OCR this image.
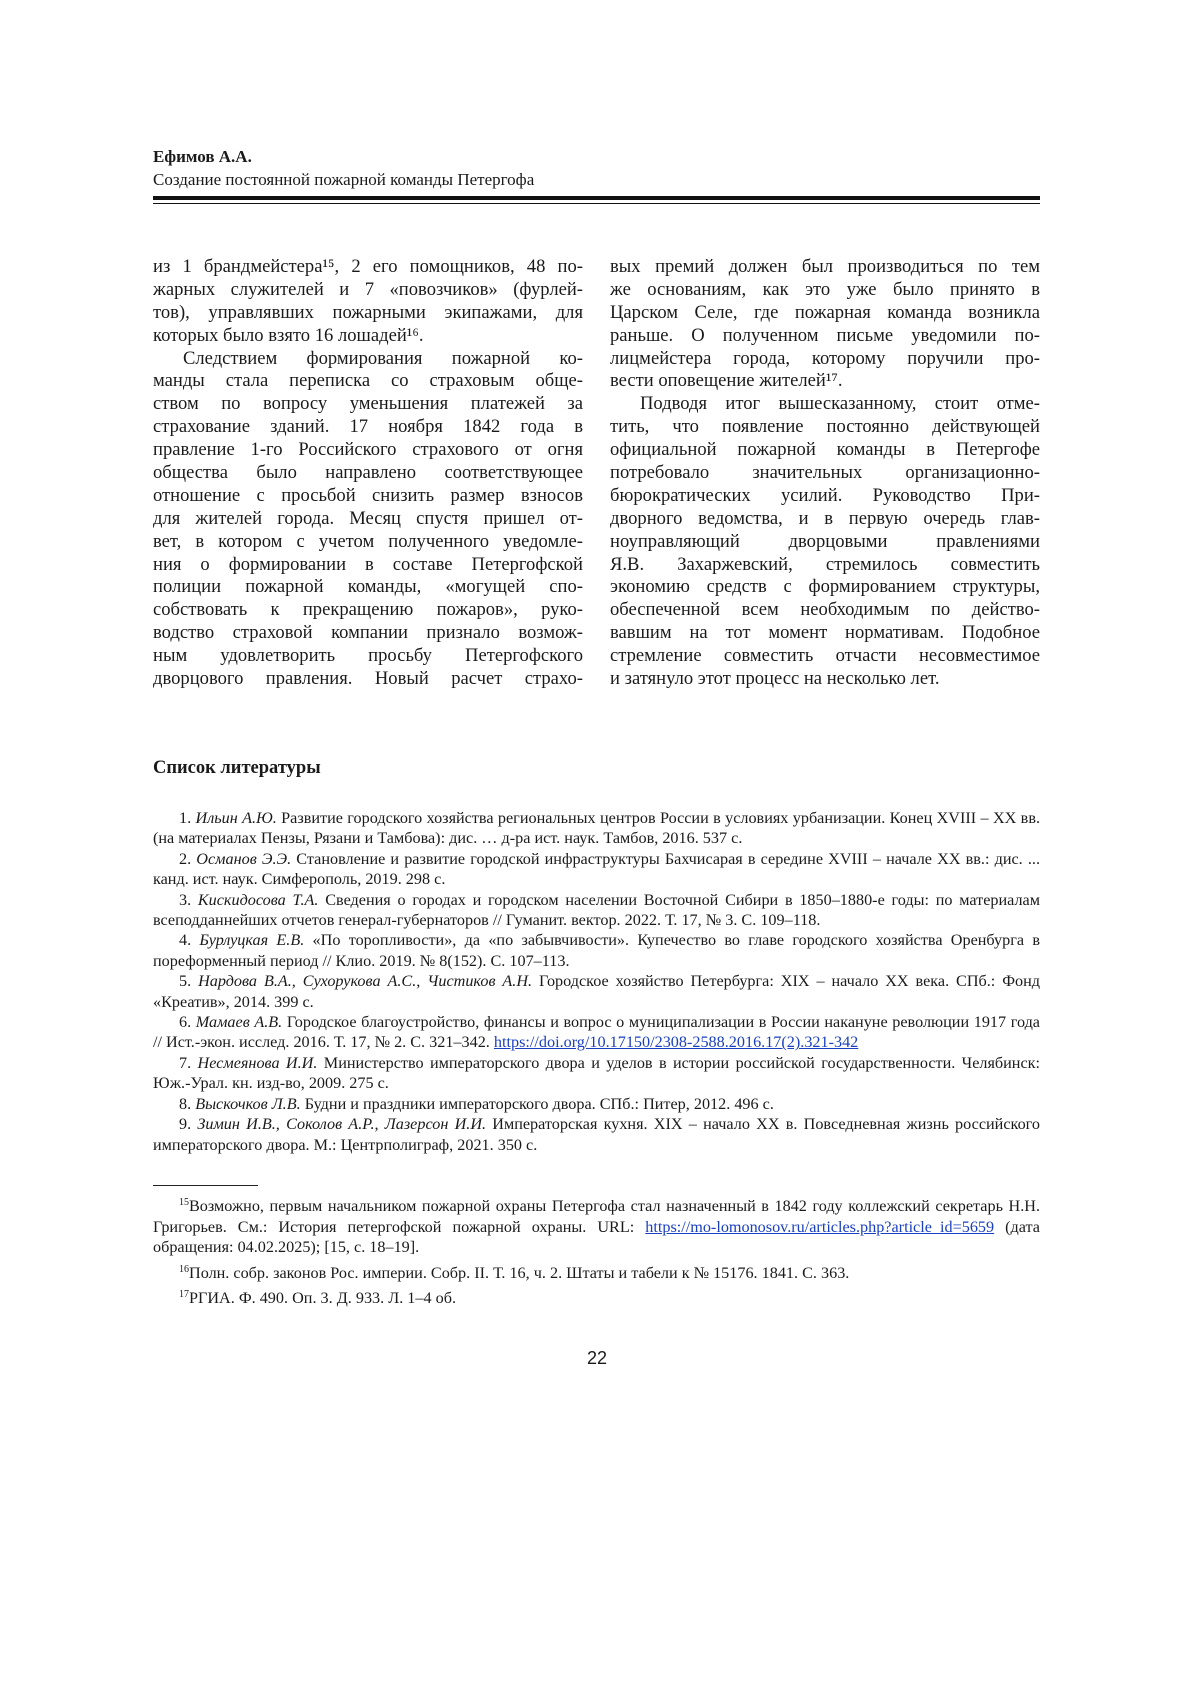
Ефимов А.А.
Создание постоянной пожарной команды Петергофа
из 1 брандмейстера¹⁵, 2 его помощников, 48 по-
жарных служителей и 7 «повозчиков» (фурлей-
тов), управлявших пожарными экипажами, для
которых было взято 16 лошадей¹⁶.
Следствием формирования пожарной ко-
манды стала переписка со страховым обще-
ством по вопросу уменьшения платежей за
страхование зданий. 17 ноября 1842 года в
правление 1-го Российского страхового от огня
общества было направлено соответствующее
отношение с просьбой снизить размер взносов
для жителей города. Месяц спустя пришел от-
вет, в котором с учетом полученного уведомле-
ния о формировании в составе Петергофской
полиции пожарной команды, «могущей спо-
собствовать к прекращению пожаров», руко-
водство страховой компании признало возмож-
ным удовлетворить просьбу Петергофского
дворцового правления. Новый расчет страхо-
вых премий должен был производиться по тем
же основаниям, как это уже было принято в
Царском Селе, где пожарная команда возникла
раньше. О полученном письме уведомили по-
лицмейстера города, которому поручили про-
вести оповещение жителей¹⁷.
Подводя итог вышесказанному, стоит отме-
тить, что появление постоянно действующей
официальной пожарной команды в Петергофе
потребовало значительных организационно-
бюрократических усилий. Руководство При-
дворного ведомства, и в первую очередь глав-
ноуправляющий дворцовыми правлениями
Я.В. Захаржевский, стремилось совместить
экономию средств с формированием структуры,
обеспеченной всем необходимым по действо-
вавшим на тот момент нормативам. Подобное
стремление совместить отчасти несовместимое
и затянуло этот процесс на несколько лет.
Список литературы

1. Ильин А.Ю. Развитие городского хозяйства региональных центров России в условиях урбанизации. Конец XVIII – XX вв. (на материалах Пензы, Рязани и Тамбова): дис. … д-ра ист. наук. Тамбов, 2016. 537 с.

2. Османов Э.Э. Становление и развитие городской инфраструктуры Бахчисарая в середине XVIII – начале XX вв.: дис. ... канд. ист. наук. Симферополь, 2019. 298 с.

3. Кискидосова Т.А. Сведения о городах и городском населении Восточной Сибири в 1850–1880-е годы: по материалам всеподданнейших отчетов генерал-губернаторов // Гуманит. вектор. 2022. Т. 17, № 3. С. 109–118.

4. Бурлуцкая Е.В. «По торопливости», да «по забывчивости». Купечество во главе городского хозяйства Оренбурга в пореформенный период // Клио. 2019. № 8(152). С. 107–113.

5. Нардова В.А., Сухорукова А.С., Чистиков А.Н. Городское хозяйство Петербурга: XIX – начало XX века. СПб.: Фонд «Креатив», 2014. 399 с.

6. Мамаев А.В. Городское благоустройство, финансы и вопрос о муниципализации в России накануне революции 1917 года // Ист.-экон. исслед. 2016. Т. 17, № 2. С. 321–342. https://doi.org/10.17150/2308-2588.2016.17(2).321-342

7. Несмеянова И.И. Министерство императорского двора и уделов в истории российской государственности. Челябинск: Юж.-Урал. кн. изд-во, 2009. 275 с.

8. Выскочков Л.В. Будни и праздники императорского двора. СПб.: Питер, 2012. 496 с.

9. Зимин И.В., Соколов А.Р., Лазерсон И.И. Императорская кухня. XIX – начало XX в. Повседневная жизнь российского императорского двора. М.: Центрполиграф, 2021. 350 с.

15Возможно, первым начальником пожарной охраны Петергофа стал назначенный в 1842 году коллежский секретарь Н.Н. Григорьев. См.: История петергофской пожарной охраны. URL: https://mo-lomonosov.ru/articles.php?article_id=5659 (дата обращения: 04.02.2025); [15, с. 18–19].

16Полн. собр. законов Рос. империи. Собр. II. Т. 16, ч. 2. Штаты и табели к № 15176. 1841. С. 363.

17РГИА. Ф. 490. Оп. 3. Д. 933. Л. 1–4 об.

22
